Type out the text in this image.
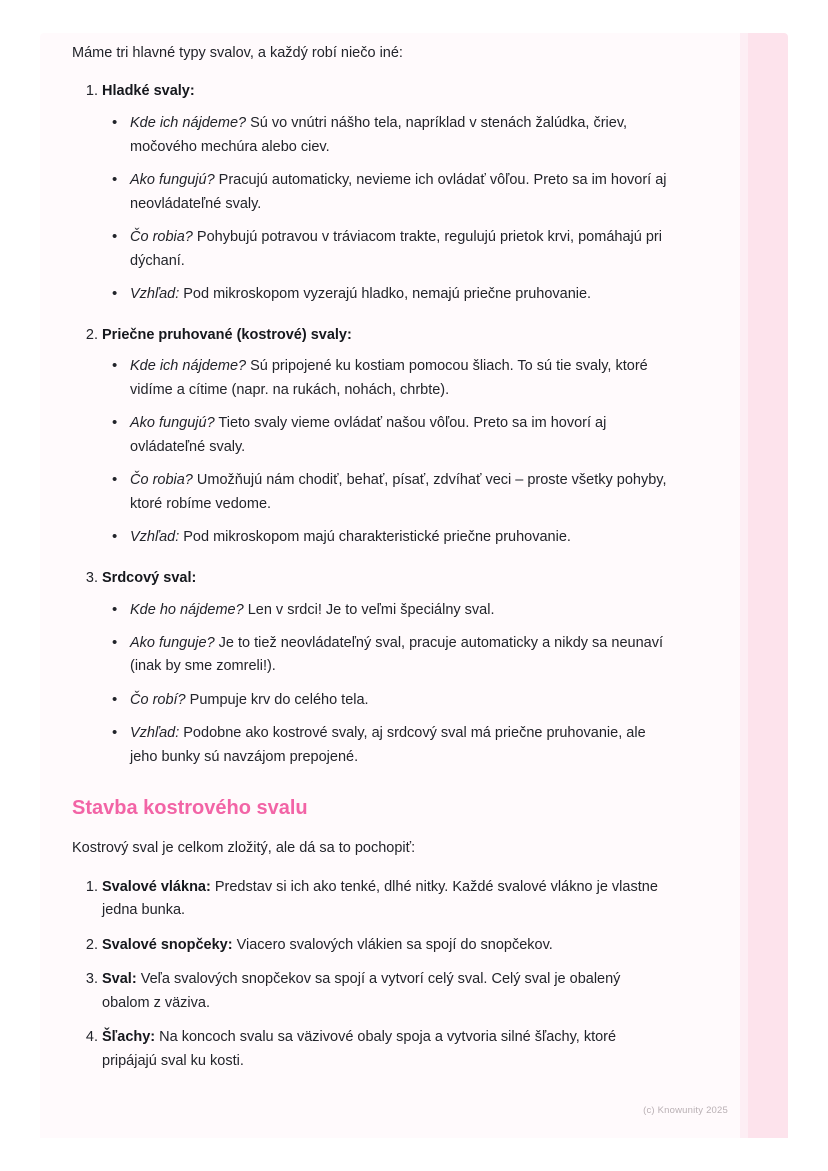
Máme tri hlavné typy svalov, a každý robí niečo iné:

1. Hladké svaly:
• Kde ich nájdeme? Sú vo vnútri nášho tela, napríklad v stenách žalúdka, čriev, močového mechúra alebo ciev.
• Ako fungujú? Pracujú automaticky, nevieme ich ovládať vôľou. Preto sa im hovorí aj neovládateľné svaly.
• Čo robia? Pohybujú potravou v tráviacom trakte, regulujú prietok krvi, pomáhajú pri dýchaní.
• Vzhľad: Pod mikroskopom vyzerajú hladko, nemajú priečne pruhovanie.
2. Priečne pruhované (kostrové) svaly:
• Kde ich nájdeme? Sú pripojené ku kostiam pomocou šliach. To sú tie svaly, ktoré vidíme a cítime (napr. na rukách, nohách, chrbte).
• Ako fungujú? Tieto svaly vieme ovládať našou vôľou. Preto sa im hovorí aj ovládateľné svaly.
• Čo robia? Umožňujú nám chodiť, behať, písať, zdvíhať veci – proste všetky pohyby, ktoré robíme vedome.
• Vzhľad: Pod mikroskopom majú charakteristické priečne pruhovanie.
3. Srdcový sval:
• Kde ho nájdeme? Len v srdci! Je to veľmi špeciálny sval.
• Ako funguje? Je to tiež neovládateľný sval, pracuje automaticky a nikdy sa neunaví (inak by sme zomreli!).
• Čo robí? Pumpuje krv do celého tela.
• Vzhľad: Podobne ako kostrové svaly, aj srdcový sval má priečne pruhovanie, ale jeho bunky sú navzájom prepojené.
Stavba kostrového svalu

Kostrový sval je celkom zložitý, ale dá sa to pochopiť:

1. Svalové vlákna: Predstav si ich ako tenké, dlhé nitky. Každé svalové vlákno je vlastne jedna bunka.
2. Svalové snopčeky: Viacero svalových vlákien sa spojí do snopčekov.
3. Sval: Veľa svalových snopčekov sa spojí a vytvorí celý sval. Celý sval je obalený obalom z väziva.
4. Šľachy: Na koncoch svalu sa väzivové obaly spoja a vytvoria silné šľachy, ktoré pripájajú sval ku kosti.
(c) Knowunity 2025
